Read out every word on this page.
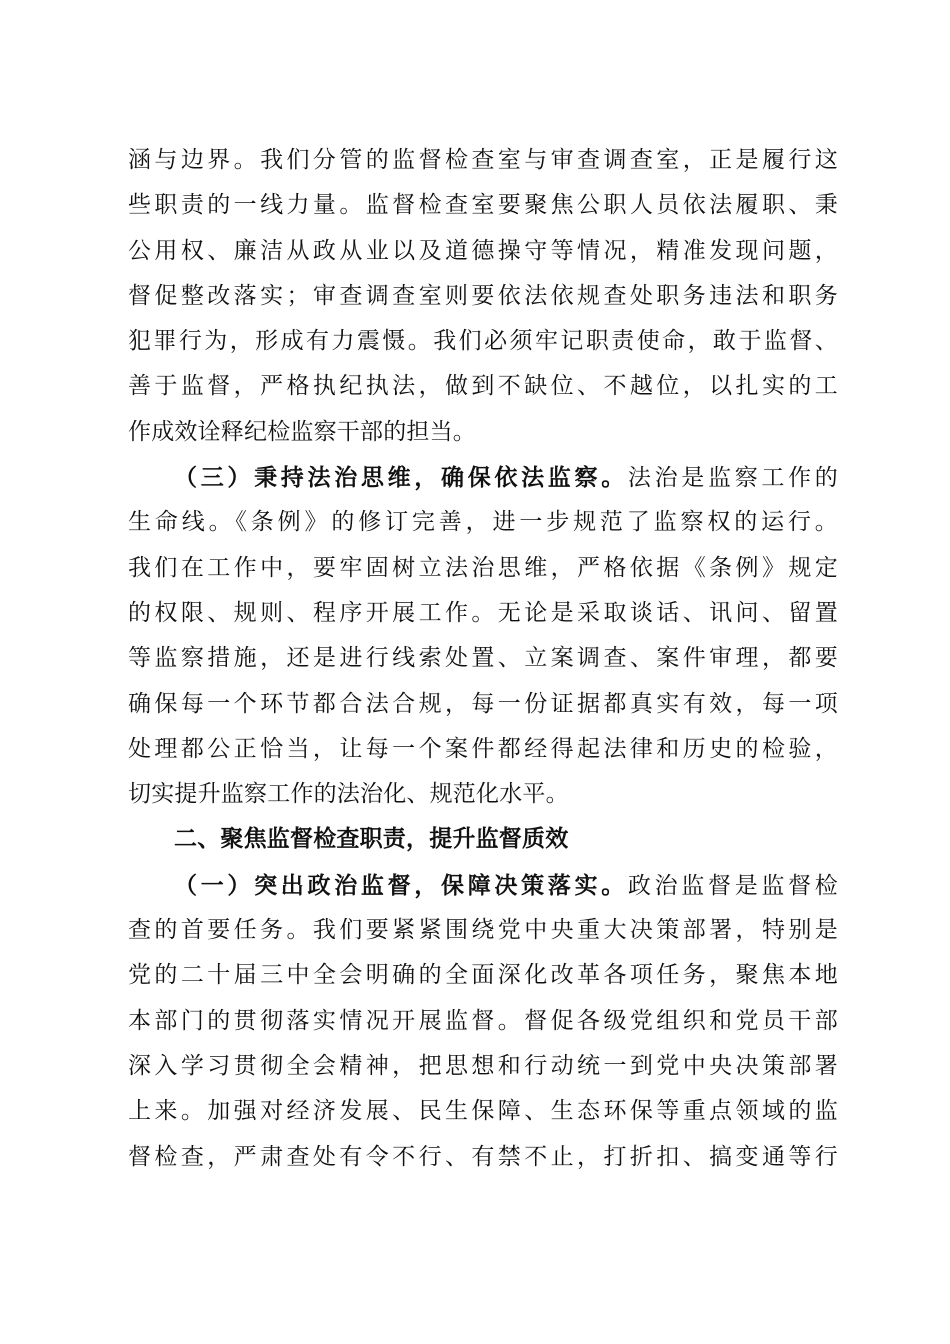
涵与边界。我们分管的监督检查室与审查调查室，正是履行这
些职责的一线力量。监督检查室要聚焦公职人员依法履职、秉
公用权、廉洁从政从业以及道德操守等情况，精准发现问题，
督促整改落实；审查调查室则要依法依规查处职务违法和职务
犯罪行为，形成有力震慑。我们必须牢记职责使命，敢于监督、
善于监督，严格执纪执法，做到不缺位、不越位，以扎实的工
作成效诠释纪检监察干部的担当。
（三）秉持法治思维，确保依法监察。法治是监察工作的
生命线。《条例》的修订完善，进一步规范了监察权的运行。
我们在工作中，要牢固树立法治思维，严格依据《条例》规定
的权限、规则、程序开展工作。无论是采取谈话、讯问、留置
等监察措施，还是进行线索处置、立案调查、案件审理，都要
确保每一个环节都合法合规，每一份证据都真实有效，每一项
处理都公正恰当，让每一个案件都经得起法律和历史的检验，
切实提升监察工作的法治化、规范化水平。
二、聚焦监督检查职责，提升监督质效
（一）突出政治监督，保障决策落实。政治监督是监督检
查的首要任务。我们要紧紧围绕党中央重大决策部署，特别是
党的二十届三中全会明确的全面深化改革各项任务，聚焦本地
本部门的贯彻落实情况开展监督。督促各级党组织和党员干部
深入学习贯彻全会精神，把思想和行动统一到党中央决策部署
上来。加强对经济发展、民生保障、生态环保等重点领域的监
督检查，严肃查处有令不行、有禁不止，打折扣、搞变通等行
